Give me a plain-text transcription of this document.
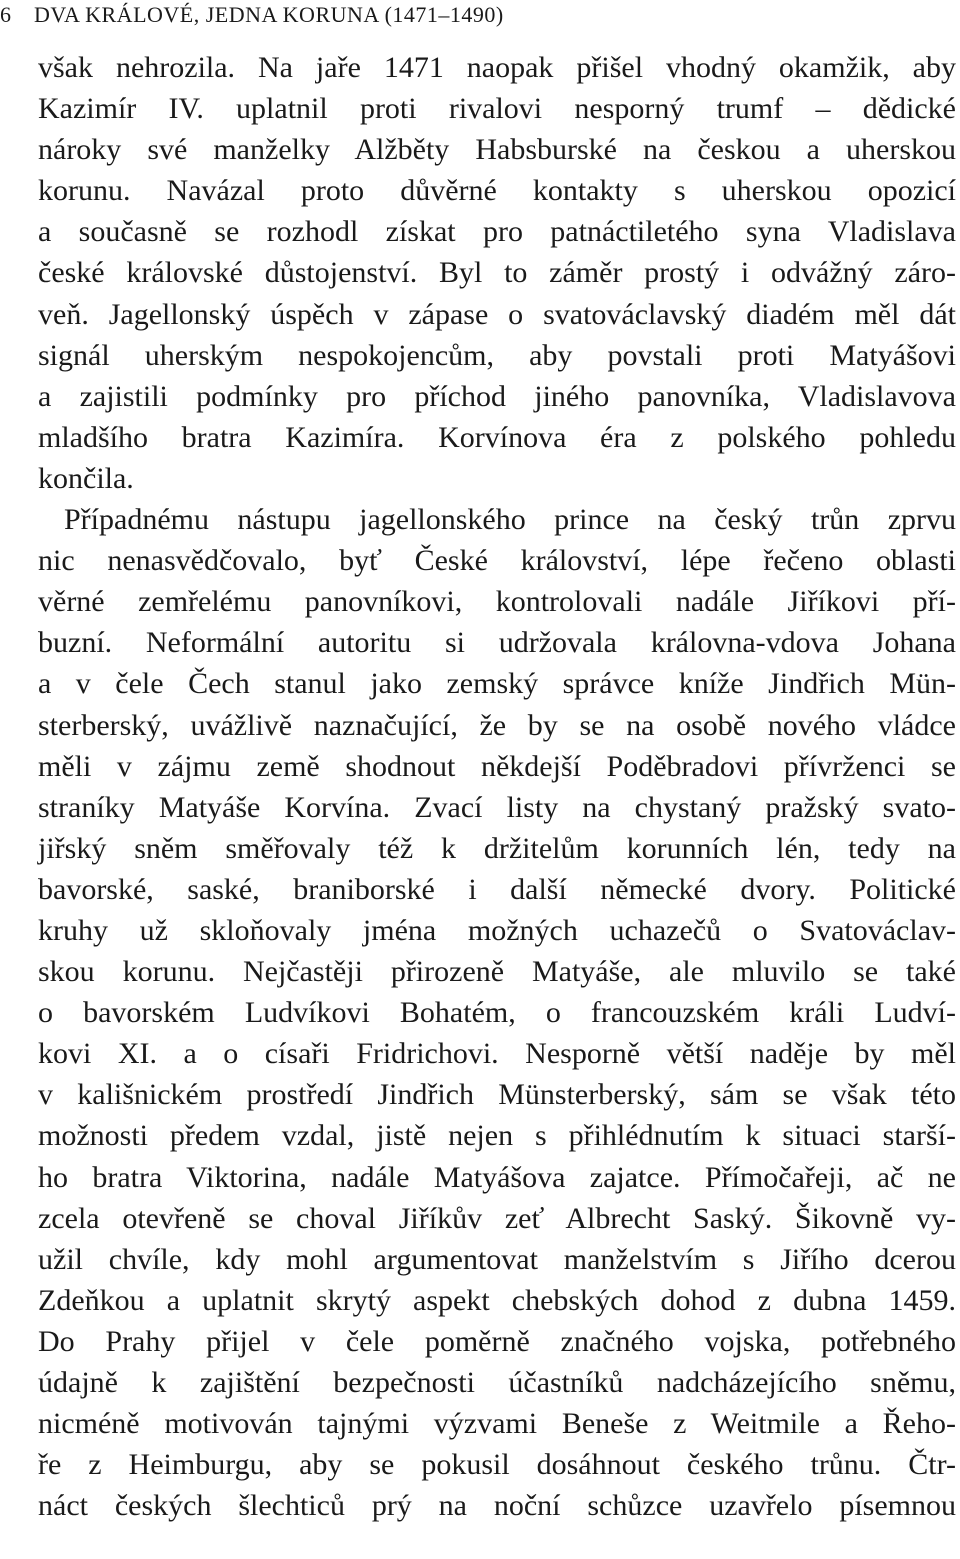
6	DVA KRÁLOVÉ, JEDNA KORUNA (1471–1490)
však nehrozila. Na jaře 1471 naopak přišel vhodný okamžik, aby
Kazimír IV. uplatnil proti rivalovi nesporný trumf – dědické
nároky své manželky Alžběty Habsburské na českou a uherskou
korunu. Navázal proto důvěrné kontakty s uherskou opozicí
a současně se rozhodl získat pro patnáctiletého syna Vladislava
české královské důstojenství. Byl to záměr prostý i odvážný záro-
veň. Jagellonský úspěch v zápase o svatováclavský diadém měl dát
signál uherským nespokojencům, aby povstali proti Matyášovi
a zajistili podmínky pro příchod jiného panovníka, Vladislavova
mladšího bratra Kazimíra. Korvínova éra z polského pohledu
končila.
Případnému nástupu jagellonského prince na český trůn zprvu
nic nenasvědčovalo, byť České království, lépe řečeno oblasti
věrné zemřelému panovníkovi, kontrolovali nadále Jiříkovi pří-
buzní. Neformální autoritu si udržovala královna-vdova Johana
a v čele Čech stanul jako zemský správce kníže Jindřich Mün-
sterberský, uvážlivě naznačující, že by se na osobě nového vládce
měli v zájmu země shodnout někdejší Poděbradovi přívrženci se
straníky Matyáše Korvína. Zvací listy na chystaný pražský svato-
jiřský sněm směřovaly též k držitelům korunních lén, tedy na
bavorské, saské, braniborské i další německé dvory. Politické
kruhy už skloňovaly jména možných uchazečů o Svatováclav-
skou korunu. Nejčastěji přirozeně Matyáše, ale mluvilo se také
o bavorském Ludvíkovi Bohatém, o francouzském králi Ludví-
kovi XI. a o císaři Fridrichovi. Nesporně větší naděje by měl
v kališnickém prostředí Jindřich Münsterberský, sám se však této
možnosti předem vzdal, jistě nejen s přihlédnutím k situaci starší-
ho bratra Viktorina, nadále Matyášova zajatce. Přímočařeji, ač ne
zcela otevřeně se choval Jiříkův zeť Albrecht Saský. Šikovně vy-
užil chvíle, kdy mohl argumentovat manželstvím s Jiřího dcerou
Zdeňkou a uplatnit skrytý aspekt chebských dohod z dubna 1459.
Do Prahy přijel v čele poměrně značného vojska, potřebného
údajně k zajištění bezpečnosti účastníků nadcházejícího sněmu,
nicméně motivován tajnými výzvami Beneše z Weitmile a Řeho-
ře z Heimburgu, aby se pokusil dosáhnout českého trůnu. Čtr-
náct českých šlechticů prý na noční schůzce uzavřelo písemnou
